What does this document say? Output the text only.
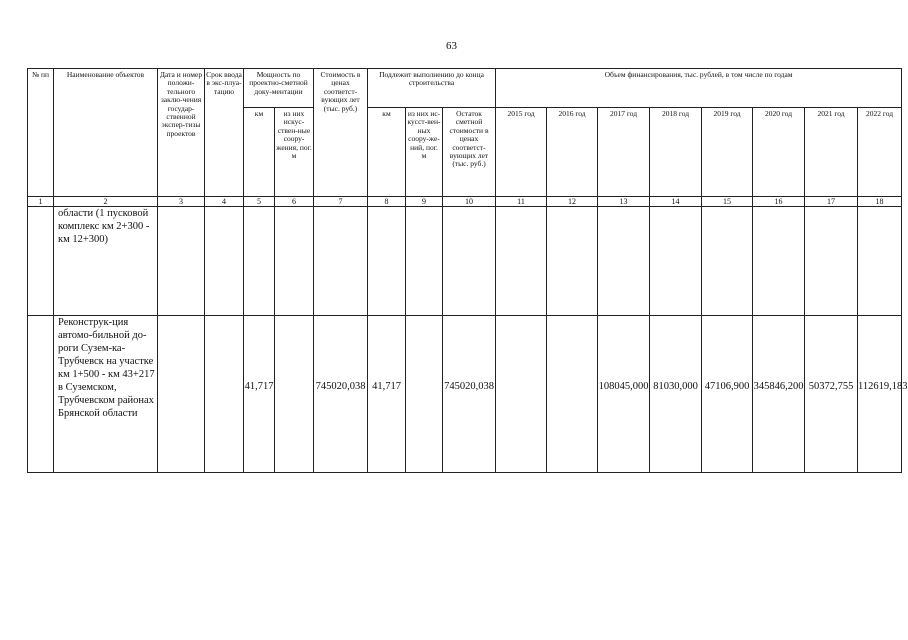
63
№ пп	Наименование объектов	Дата и номер положи-тельного заклю-чения государ-ственной экспер-тизы проектов	Срок ввода в экс-плуа-тацию	Мощность по проектно-сметной доку-ментации		Стоимость в ценах соответст-вующих лет (тыс. руб.)	Подлежит выполнению до конца строительства			Объем финансирования, тыс. рублей, в том числе по годам							

				км	из них искус-ствен-ные соору-жения, пог. м		км	из них ис-кусст-вен-ных соору-же-ний, пог. м	Остаток сметной стоимости в ценах соответст-вующих лет (тыс. руб.)	2015 год	2016 год	2017 год	2018 год	2019 год	2020 год	2021 год	2022 год

1	2	3	4	5	6	7	8	9	10	11	12	13	14	15	16	17	18
	области (1 пусковой комплекс км 2+300 - км 12+300)																
	Реконструк-ция автомо-бильной до-роги Сузем-ка-Трубчевск на участке км 1+500 - км 43+217 в Суземском, Трубчевском районах Брянской области			41,717		745020,038	41,717		745020,038			108045,000	81030,000	47106,900	345846,200	50372,755	112619,183
